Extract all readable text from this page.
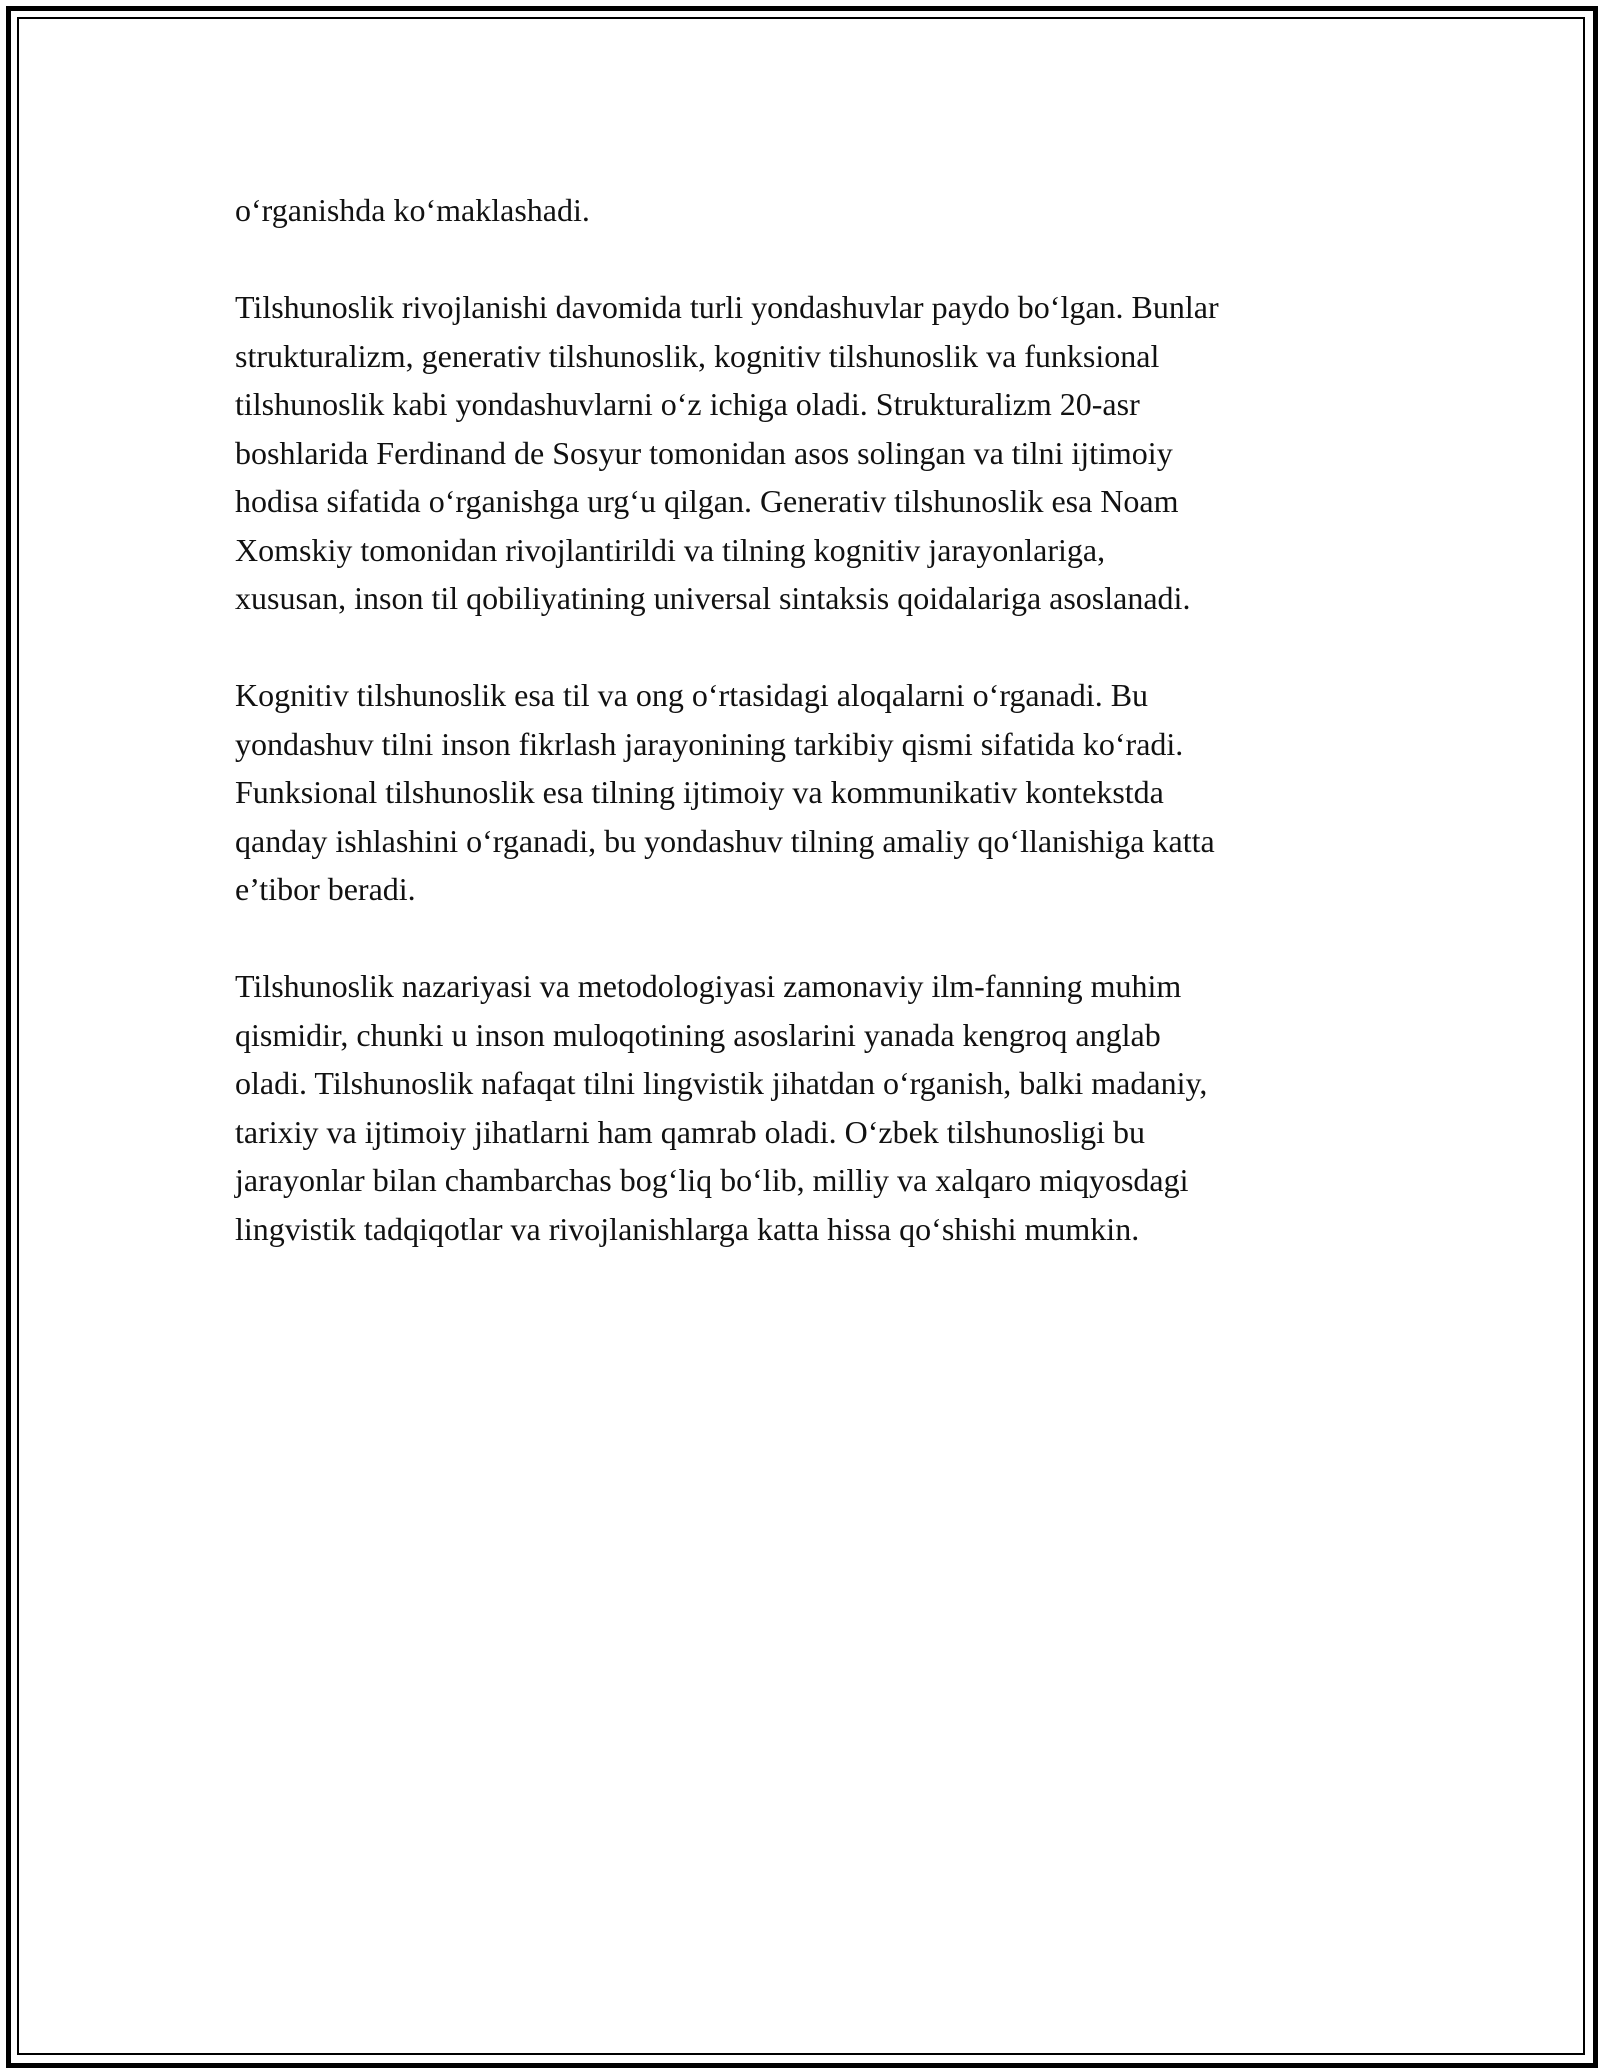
o‘rganishda ko‘maklashadi.

Tilshunoslik rivojlanishi davomida turli yondashuvlar paydo bo‘lgan. Bunlar
strukturalizm, generativ tilshunoslik, kognitiv tilshunoslik va funksional
tilshunoslik kabi yondashuvlarni o‘z ichiga oladi. Strukturalizm 20-asr
boshlarida Ferdinand de Sosyur tomonidan asos solingan va tilni ijtimoiy
hodisa sifatida o‘rganishga urg‘u qilgan. Generativ tilshunoslik esa Noam
Xomskiy tomonidan rivojlantirildi va tilning kognitiv jarayonlariga,
xususan, inson til qobiliyatining universal sintaksis qoidalariga asoslanadi.

Kognitiv tilshunoslik esa til va ong o‘rtasidagi aloqalarni o‘rganadi. Bu
yondashuv tilni inson fikrlash jarayonining tarkibiy qismi sifatida ko‘radi.
Funksional tilshunoslik esa tilning ijtimoiy va kommunikativ kontekstda
qanday ishlashini o‘rganadi, bu yondashuv tilning amaliy qo‘llanishiga katta
e’tibor beradi.

Tilshunoslik nazariyasi va metodologiyasi zamonaviy ilm-fanning muhim
qismidir, chunki u inson muloqotining asoslarini yanada kengroq anglab
oladi. Tilshunoslik nafaqat tilni lingvistik jihatdan o‘rganish, balki madaniy,
tarixiy va ijtimoiy jihatlarni ham qamrab oladi. O‘zbek tilshunosligi bu
jarayonlar bilan chambarchas bog‘liq bo‘lib, milliy va xalqaro miqyosdagi
lingvistik tadqiqotlar va rivojlanishlarga katta hissa qo‘shishi mumkin.
